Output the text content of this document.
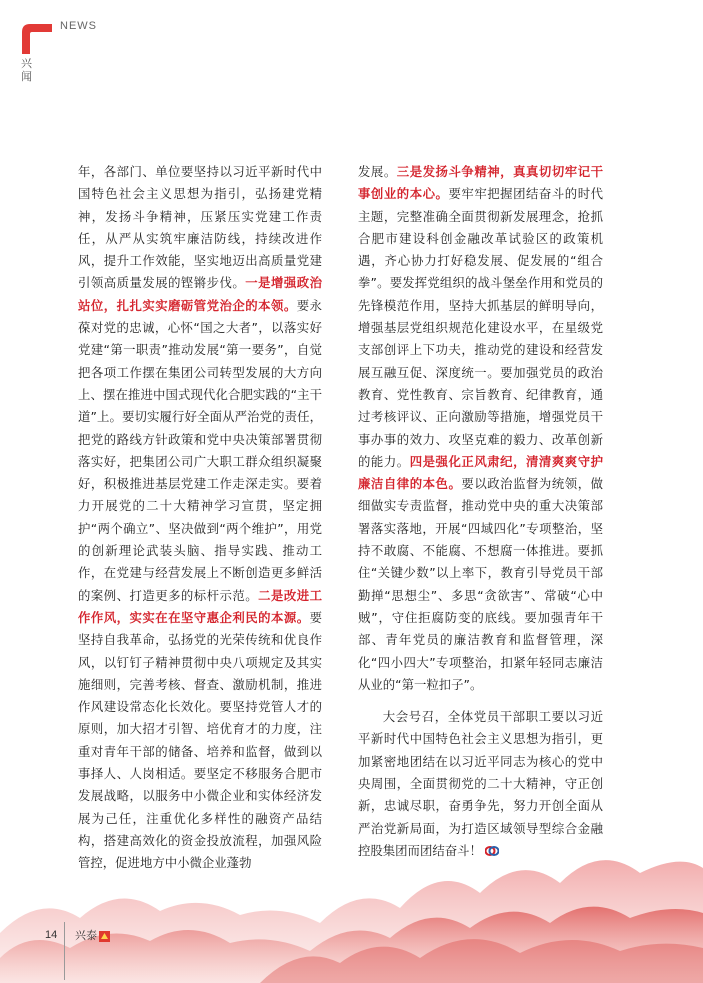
NEWS
兴闻

年，各部门、单位要坚持以习近平新时代中国特色社会主义思想为指引，弘扬建党精神，发扬斗争精神，压紧压实党建工作责任，从严从实筑牢廉洁防线，持续改进作风，提升工作效能，坚实地迈出高质量党建引领高质量发展的铿锵步伐。一是增强政治站位，扎扎实实磨砺管党治企的本领。要永葆对党的忠诚，心怀“国之大者”，以落实好党建“第一职责”推动发展“第一要务”，自觉把各项工作摆在集团公司转型发展的大方向上、摆在推进中国式现代化合肥实践的“主干道”上。要切实履行好全面从严治党的责任，把党的路线方针政策和党中央决策部署贯彻落实好，把集团公司广大职工群众组织凝聚好，积极推进基层党建工作走深走实。要着力开展党的二十大精神学习宣贯，坚定拥护“两个确立”、坚决做到“两个维护”，用党的创新理论武装头脑、指导实践、推动工作，在党建与经营发展上不断创造更多鲜活的案例、打造更多的标杆示范。二是改进工作作风，实实在在坚守惠企利民的本源。要坚持自我革命，弘扬党的光荣传统和优良作风，以钉钉子精神贯彻中央八项规定及其实施细则，完善考核、督查、激励机制，推进作风建设常态化长效化。要坚持党管人才的原则，加大招才引智、培优育才的力度，注重对青年干部的储备、培养和监督，做到以事择人、人岗相适。要坚定不移服务合肥市发展战略，以服务中小微企业和实体经济发展为己任，注重优化多样性的融资产品结构，搭建高效化的资金投放流程，加强风险管控，促进地方中小微企业蓬勃

发展。三是发扬斗争精神，真真切切牢记干事创业的本心。要牢牢把握团结奋斗的时代主题，完整准确全面贯彻新发展理念，抢抓合肥市建设科创金融改革试验区的政策机遇，齐心协力打好稳发展、促发展的“组合拳”。要发挥党组织的战斗堡垒作用和党员的先锋模范作用，坚持大抓基层的鲜明导向，增强基层党组织规范化建设水平，在星级党支部创评上下功夫，推动党的建设和经营发展互融互促、深度统一。要加强党员的政治教育、党性教育、宗旨教育、纪律教育，通过考核评议、正向激励等措施，增强党员干事办事的效力、攻坚克难的毅力、改革创新的能力。四是强化正风肃纪，清清爽爽守护廉洁自律的本色。要以政治监督为统领，做细做实专责监督，推动党中央的重大决策部署落实落地，开展“四域四化”专项整治，坚持不敢腐、不能腐、不想腐一体推进。要抓住“关键少数”以上率下，教育引导党员干部勤掸“思想尘”、多思“贪欲害”、常破“心中贼”，守住拒腐防变的底线。要加强青年干部、青年党员的廉洁教育和监督管理，深化“四小四大”专项整治，扣紧年轻同志廉洁从业的“第一粒扣子”。

大会号召，全体党员干部职工要以习近平新时代中国特色社会主义思想为指引，更加紧密地团结在以习近平同志为核心的党中央周围，全面贯彻党的二十大精神，守正创新，忠诚尽职，奋勇争先，努力开创全面从严治党新局面，为打造区域领导型综合金融控股集团而团结奋斗！

14 兴泰
